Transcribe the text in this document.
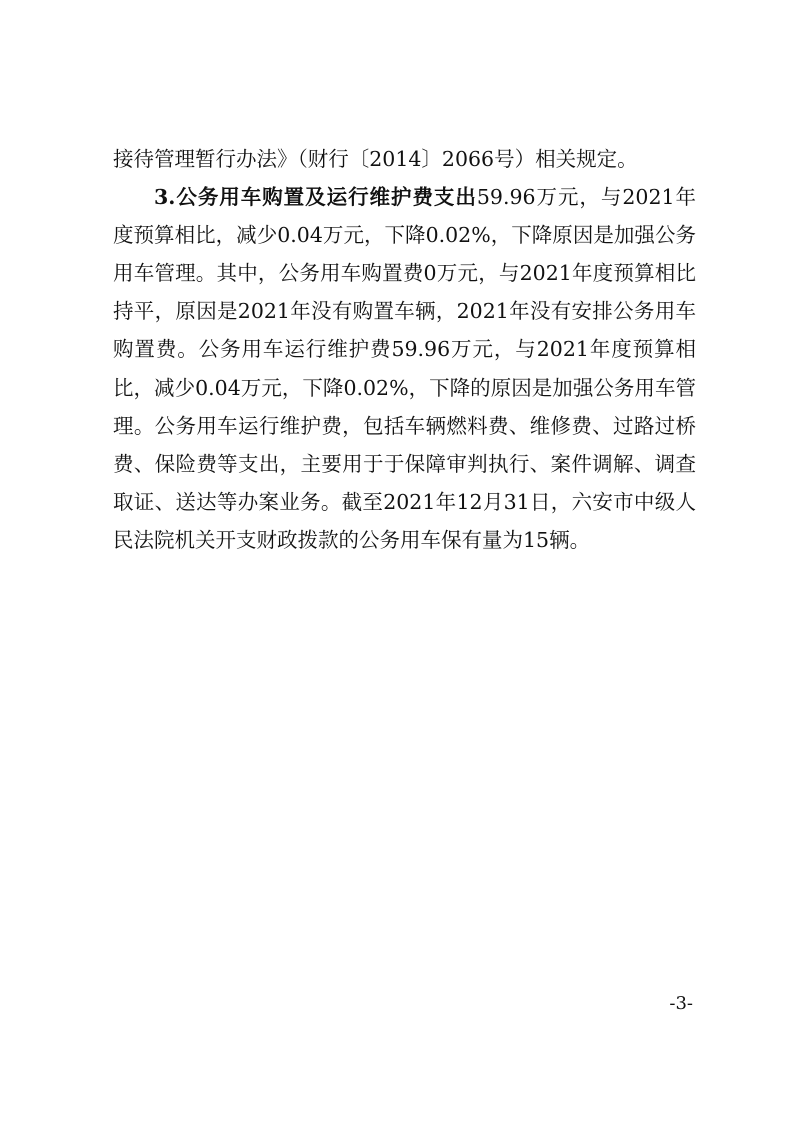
接待管理暂行办法》（财行〔2014〕2066号）相关规定。

3.公务用车购置及运行维护费支出59.96万元，与2021年度预算相比，减少0.04万元，下降0.02%，下降原因是加强公务用车管理。其中，公务用车购置费0万元，与2021年度预算相比持平，原因是2021年没有购置车辆，2021年没有安排公务用车购置费。公务用车运行维护费59.96万元，与2021年度预算相比，减少0.04万元，下降0.02%，下降的原因是加强公务用车管理。公务用车运行维护费，包括车辆燃料费、维修费、过路过桥费、保险费等支出，主要用于于保障审判执行、案件调解、调查取证、送达等办案业务。截至2021年12月31日，六安市中级人民法院机关开支财政拨款的公务用车保有量为15辆。

-3-
